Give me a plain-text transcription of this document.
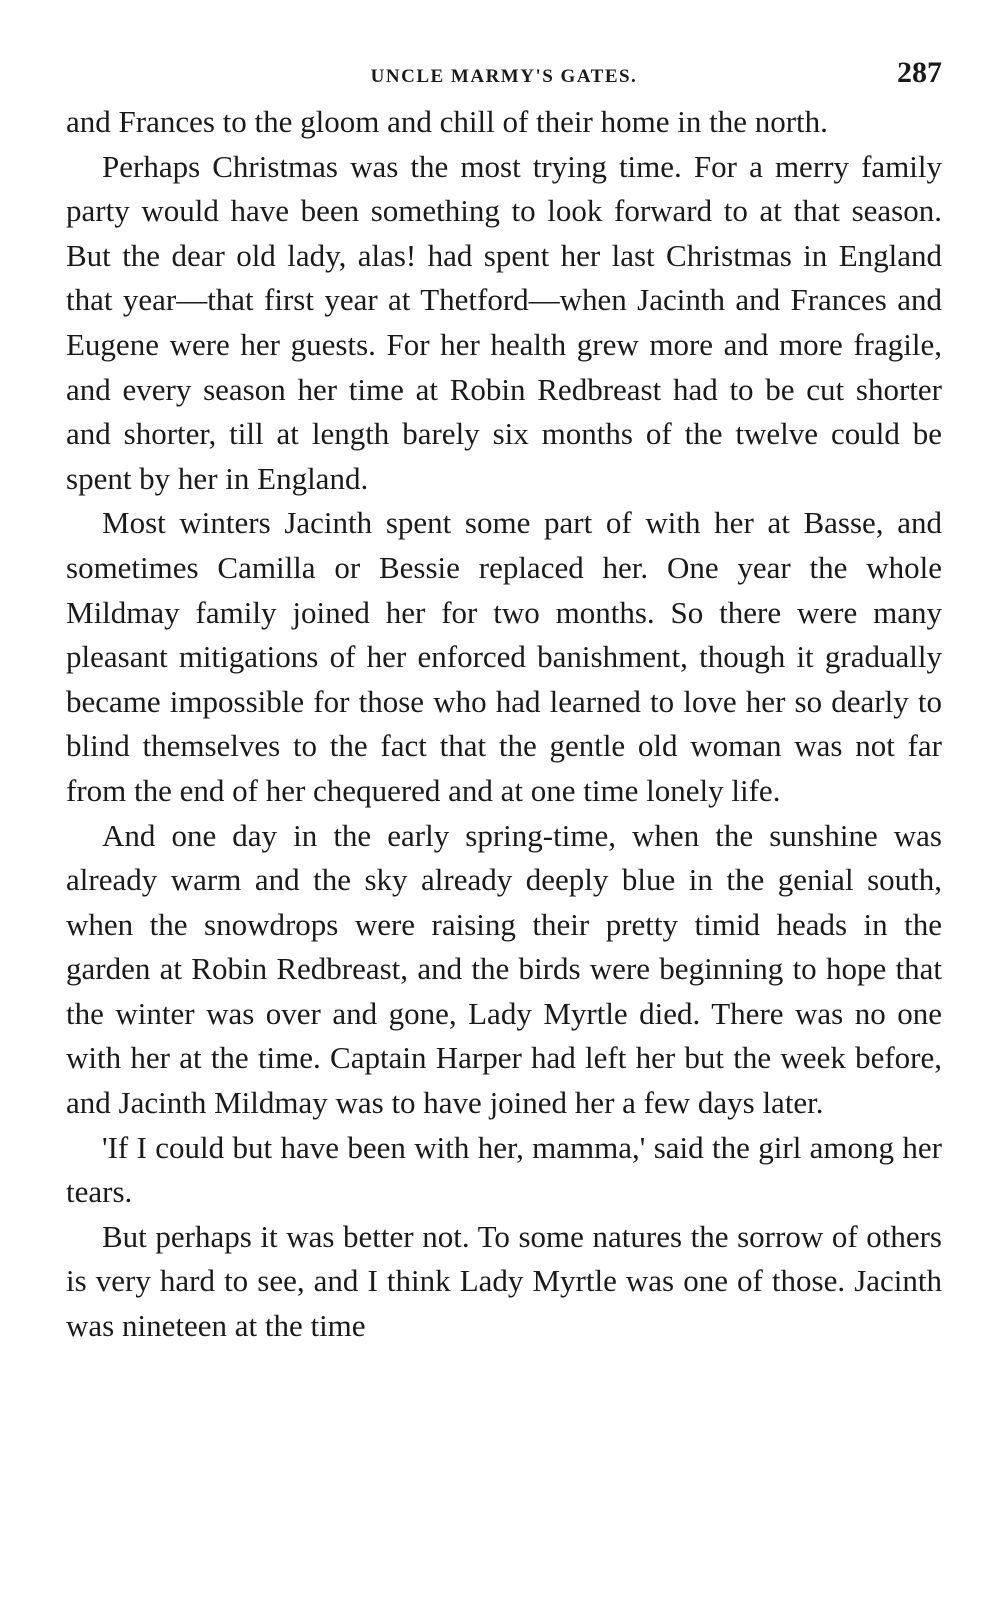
UNCLE MARMY'S GATES.	287

and Frances to the gloom and chill of their home in the north.

Perhaps Christmas was the most trying time. For a merry family party would have been something to look forward to at that season. But the dear old lady, alas! had spent her last Christmas in England that year—that first year at Thetford—when Jacinth and Frances and Eugene were her guests. For her health grew more and more fragile, and every season her time at Robin Redbreast had to be cut shorter and shorter, till at length barely six months of the twelve could be spent by her in England.

Most winters Jacinth spent some part of with her at Basse, and sometimes Camilla or Bessie replaced her. One year the whole Mildmay family joined her for two months. So there were many pleasant mitigations of her enforced banishment, though it gradually became impossible for those who had learned to love her so dearly to blind themselves to the fact that the gentle old woman was not far from the end of her chequered and at one time lonely life.

And one day in the early spring-time, when the sunshine was already warm and the sky already deeply blue in the genial south, when the snowdrops were raising their pretty timid heads in the garden at Robin Redbreast, and the birds were beginning to hope that the winter was over and gone, Lady Myrtle died. There was no one with her at the time. Captain Harper had left her but the week before, and Jacinth Mildmay was to have joined her a few days later.

'If I could but have been with her, mamma,' said the girl among her tears.

But perhaps it was better not. To some natures the sorrow of others is very hard to see, and I think Lady Myrtle was one of those. Jacinth was nineteen at the time
